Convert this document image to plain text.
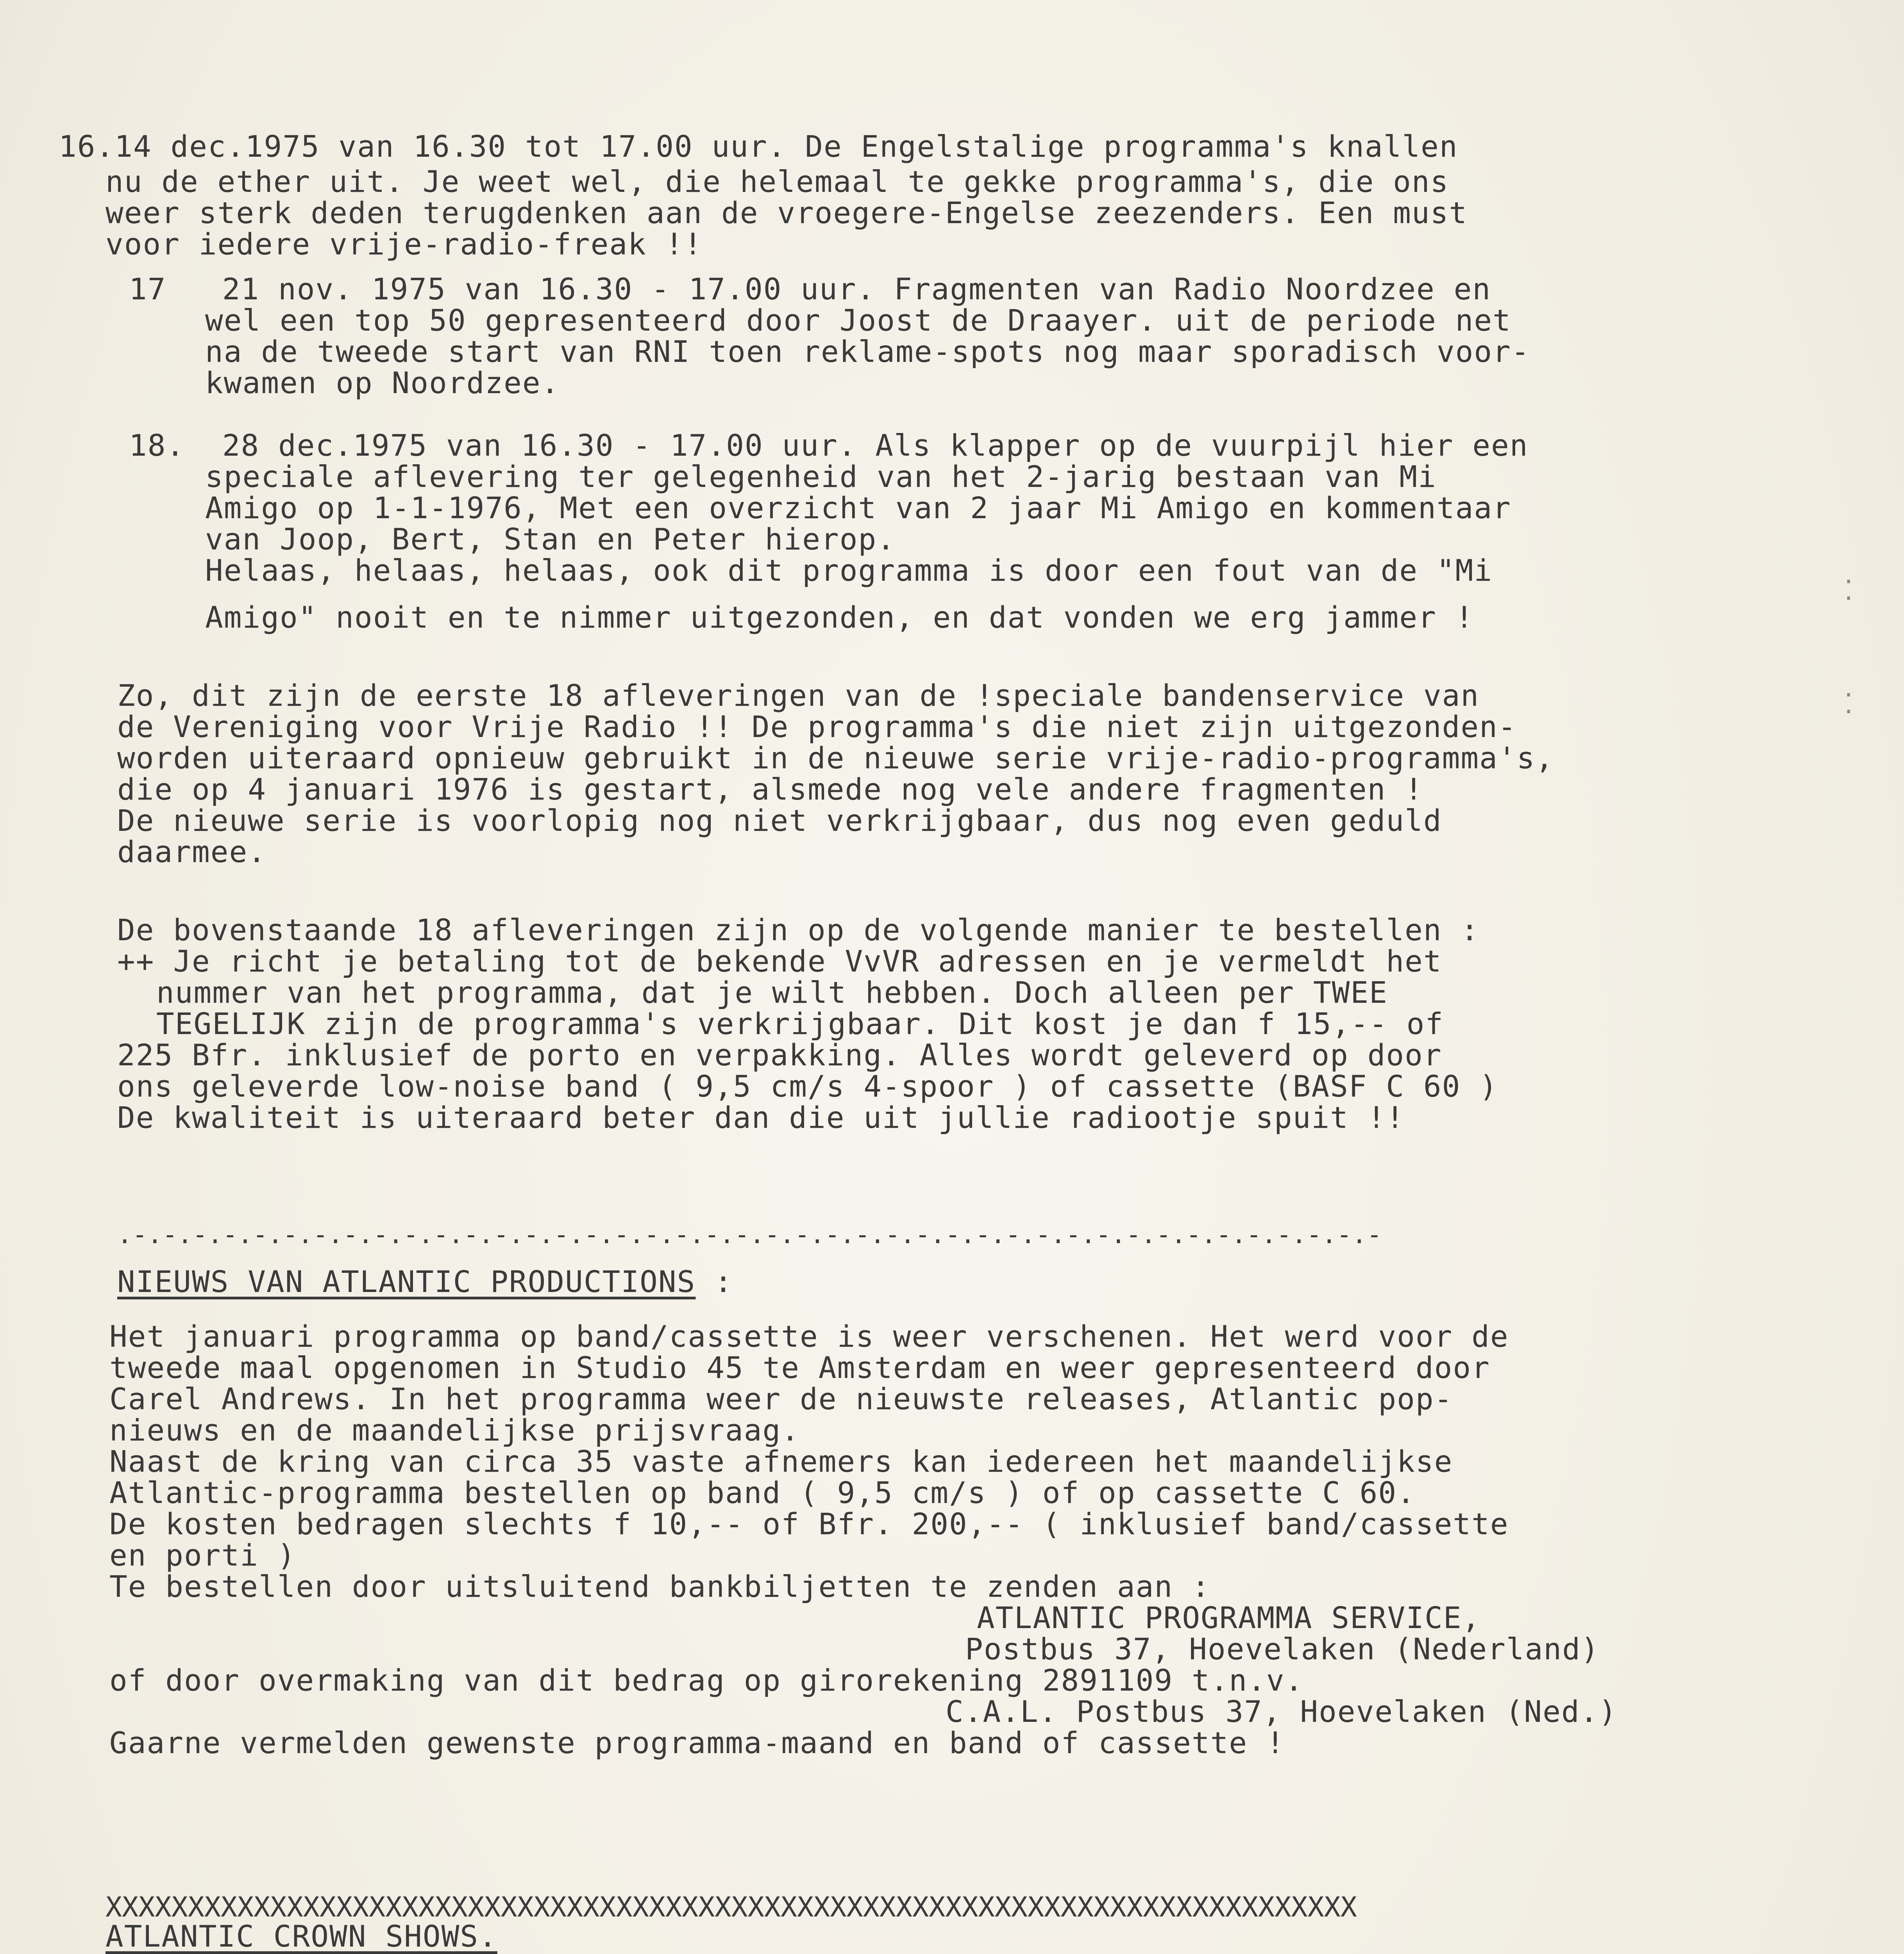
16.14 dec.1975 van 16.30 tot 17.00 uur. De Engelstalige programma's knallen
nu de ether uit. Je weet wel, die helemaal te gekke programma's, die ons
weer sterk deden terugdenken aan de vroegere-Engelse zeezenders. Een must
voor iedere vrije-radio-freak !!
17   21 nov. 1975 van 16.30 - 17.00 uur. Fragmenten van Radio Noordzee en
wel een top 50 gepresenteerd door Joost de Draayer. uit de periode net
na de tweede start van RNI toen reklame-spots nog maar sporadisch voor-
kwamen op Noordzee.
18.  28 dec.1975 van 16.30 - 17.00 uur. Als klapper op de vuurpijl hier een
speciale aflevering ter gelegenheid van het 2-jarig bestaan van Mi
Amigo op 1-1-1976, Met een overzicht van 2 jaar Mi Amigo en kommentaar
van Joop, Bert, Stan en Peter hierop.
Helaas, helaas, helaas, ook dit programma is door een fout van de "Mi
Amigo" nooit en te nimmer uitgezonden, en dat vonden we erg jammer !
Zo, dit zijn de eerste 18 afleveringen van de !speciale bandenservice van
de Vereniging voor Vrije Radio !! De programma's die niet zijn uitgezonden-
worden uiteraard opnieuw gebruikt in de nieuwe serie vrije-radio-programma's,
die op 4 januari 1976 is gestart, alsmede nog vele andere fragmenten !
De nieuwe serie is voorlopig nog niet verkrijgbaar, dus nog even geduld
daarmee.
De bovenstaande 18 afleveringen zijn op de volgende manier te bestellen :
++ Je richt je betaling tot de bekende VvVR adressen en je vermeldt het
nummer van het programma, dat je wilt hebben. Doch alleen per TWEE
TEGELIJK zijn de programma's verkrijgbaar. Dit kost je dan f 15,-- of
225 Bfr. inklusief de porto en verpakking. Alles wordt geleverd op door
ons geleverde low-noise band ( 9,5 cm/s 4-spoor ) of cassette (BASF C 60 )
De kwaliteit is uiteraard beter dan die uit jullie radiootje spuit !!
.-.-.-.-.-.-.-.-.-.-.-.-.-.-.-.-.-.-.-.-.-.-.-.-.-.-.-.-.-.-.-.-.-.-.-.-.-.-.-.-.-.-
NIEUWS VAN ATLANTIC PRODUCTIONS :
Het januari programma op band/cassette is weer verschenen. Het werd voor de
tweede maal opgenomen in Studio 45 te Amsterdam en weer gepresenteerd door
Carel Andrews. In het programma weer de nieuwste releases, Atlantic pop-
nieuws en de maandelijkse prijsvraag.
Naast de kring van circa 35 vaste afnemers kan iedereen het maandelijkse
Atlantic-programma bestellen op band ( 9,5 cm/s ) of op cassette C 60.
De kosten bedragen slechts f 10,-- of Bfr. 200,-- ( inklusief band/cassette
en porti )
Te bestellen door uitsluitend bankbiljetten te zenden aan :
ATLANTIC PROGRAMMA SERVICE,
Postbus 37, Hoevelaken (Nederland)
of door overmaking van dit bedrag op girorekening 2891109 t.n.v.
C.A.L. Postbus 37, Hoevelaken (Ned.)
Gaarne vermelden gewenste programma-maand en band of cassette !
XXXXXXXXXXXXXXXXXXXXXXXXXXXXXXXXXXXXXXXXXXXXXXXXXXXXXXXXXXXXXXXXXXXXXXXXXXXX
ATLANTIC CROWN SHOWS.
⁚
⁚
